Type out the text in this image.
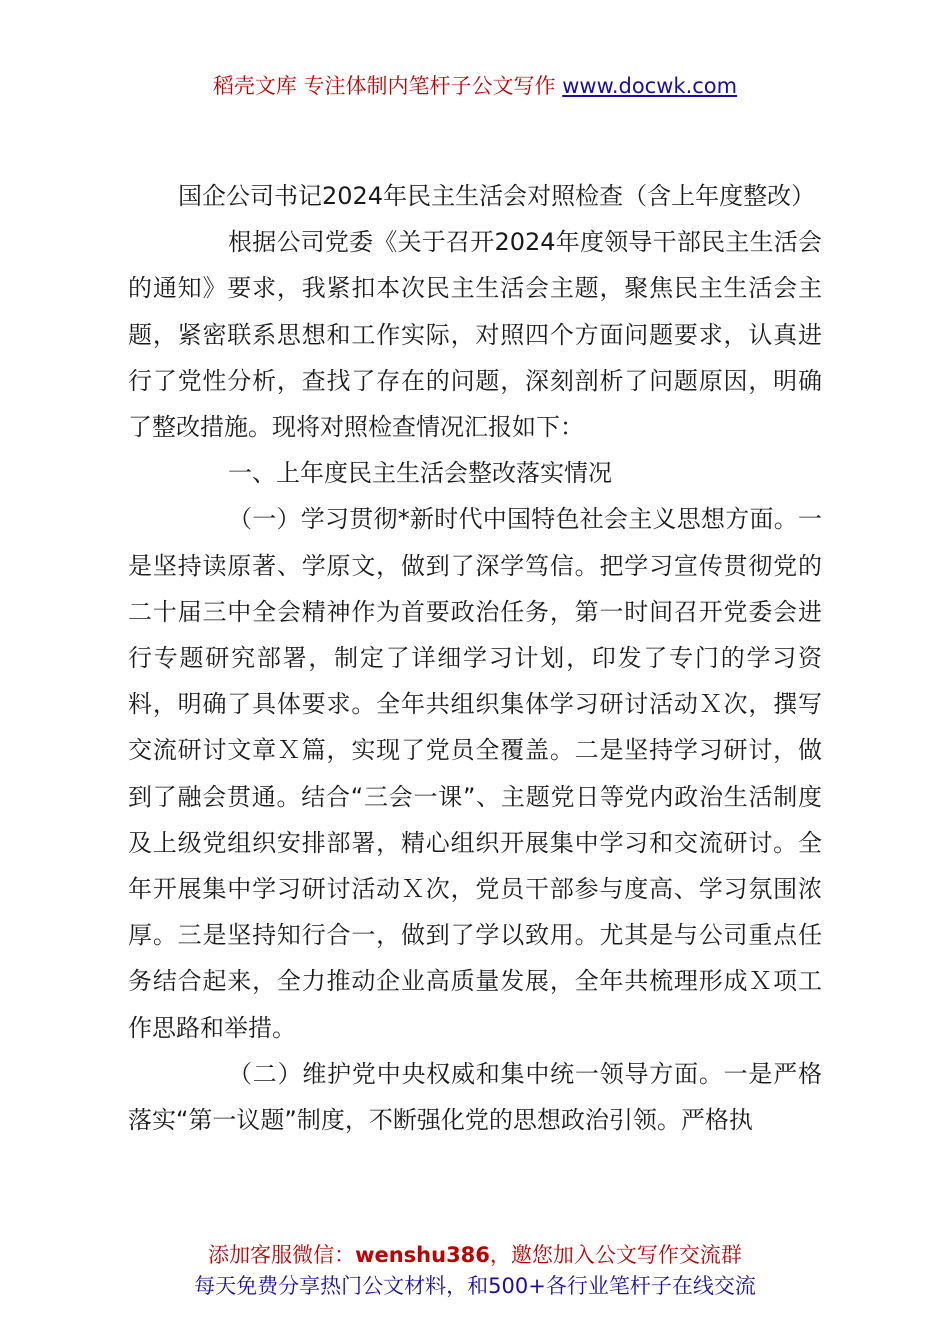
稻壳文库 专注体制内笔杆子公文写作 www.docwk.com

国企公司书记2024年民主生活会对照检查（含上年度整改）

根据公司党委《关于召开2024年度领导干部民主生活会的通知》要求，我紧扣本次民主生活会主题，聚焦民主生活会主题，紧密联系思想和工作实际，对照四个方面问题要求，认真进行了党性分析，查找了存在的问题，深刻剖析了问题原因，明确了整改措施。现将对照检查情况汇报如下：

一、上年度民主生活会整改落实情况

（一）学习贯彻*新时代中国特色社会主义思想方面。一是坚持读原著、学原文，做到了深学笃信。把学习宣传贯彻党的二十届三中全会精神作为首要政治任务，第一时间召开党委会进行专题研究部署，制定了详细学习计划，印发了专门的学习资料，明确了具体要求。全年共组织集体学习研讨活动Ｘ次，撰写交流研讨文章Ｘ篇，实现了党员全覆盖。二是坚持学习研讨，做到了融会贯通。结合“三会一课”、主题党日等党内政治生活制度及上级党组织安排部署，精心组织开展集中学习和交流研讨。全年开展集中学习研讨活动Ｘ次，党员干部参与度高、学习氛围浓厚。三是坚持知行合一，做到了学以致用。尤其是与公司重点任务结合起来，全力推动企业高质量发展，全年共梳理形成Ｘ项工作思路和举措。

（二）维护党中央权威和集中统一领导方面。一是严格落实“第一议题”制度，不断强化党的思想政治引领。严格执

添加客服微信：wenshu386，邀您加入公文写作交流群
每天免费分享热门公文材料，和500+各行业笔杆子在线交流
